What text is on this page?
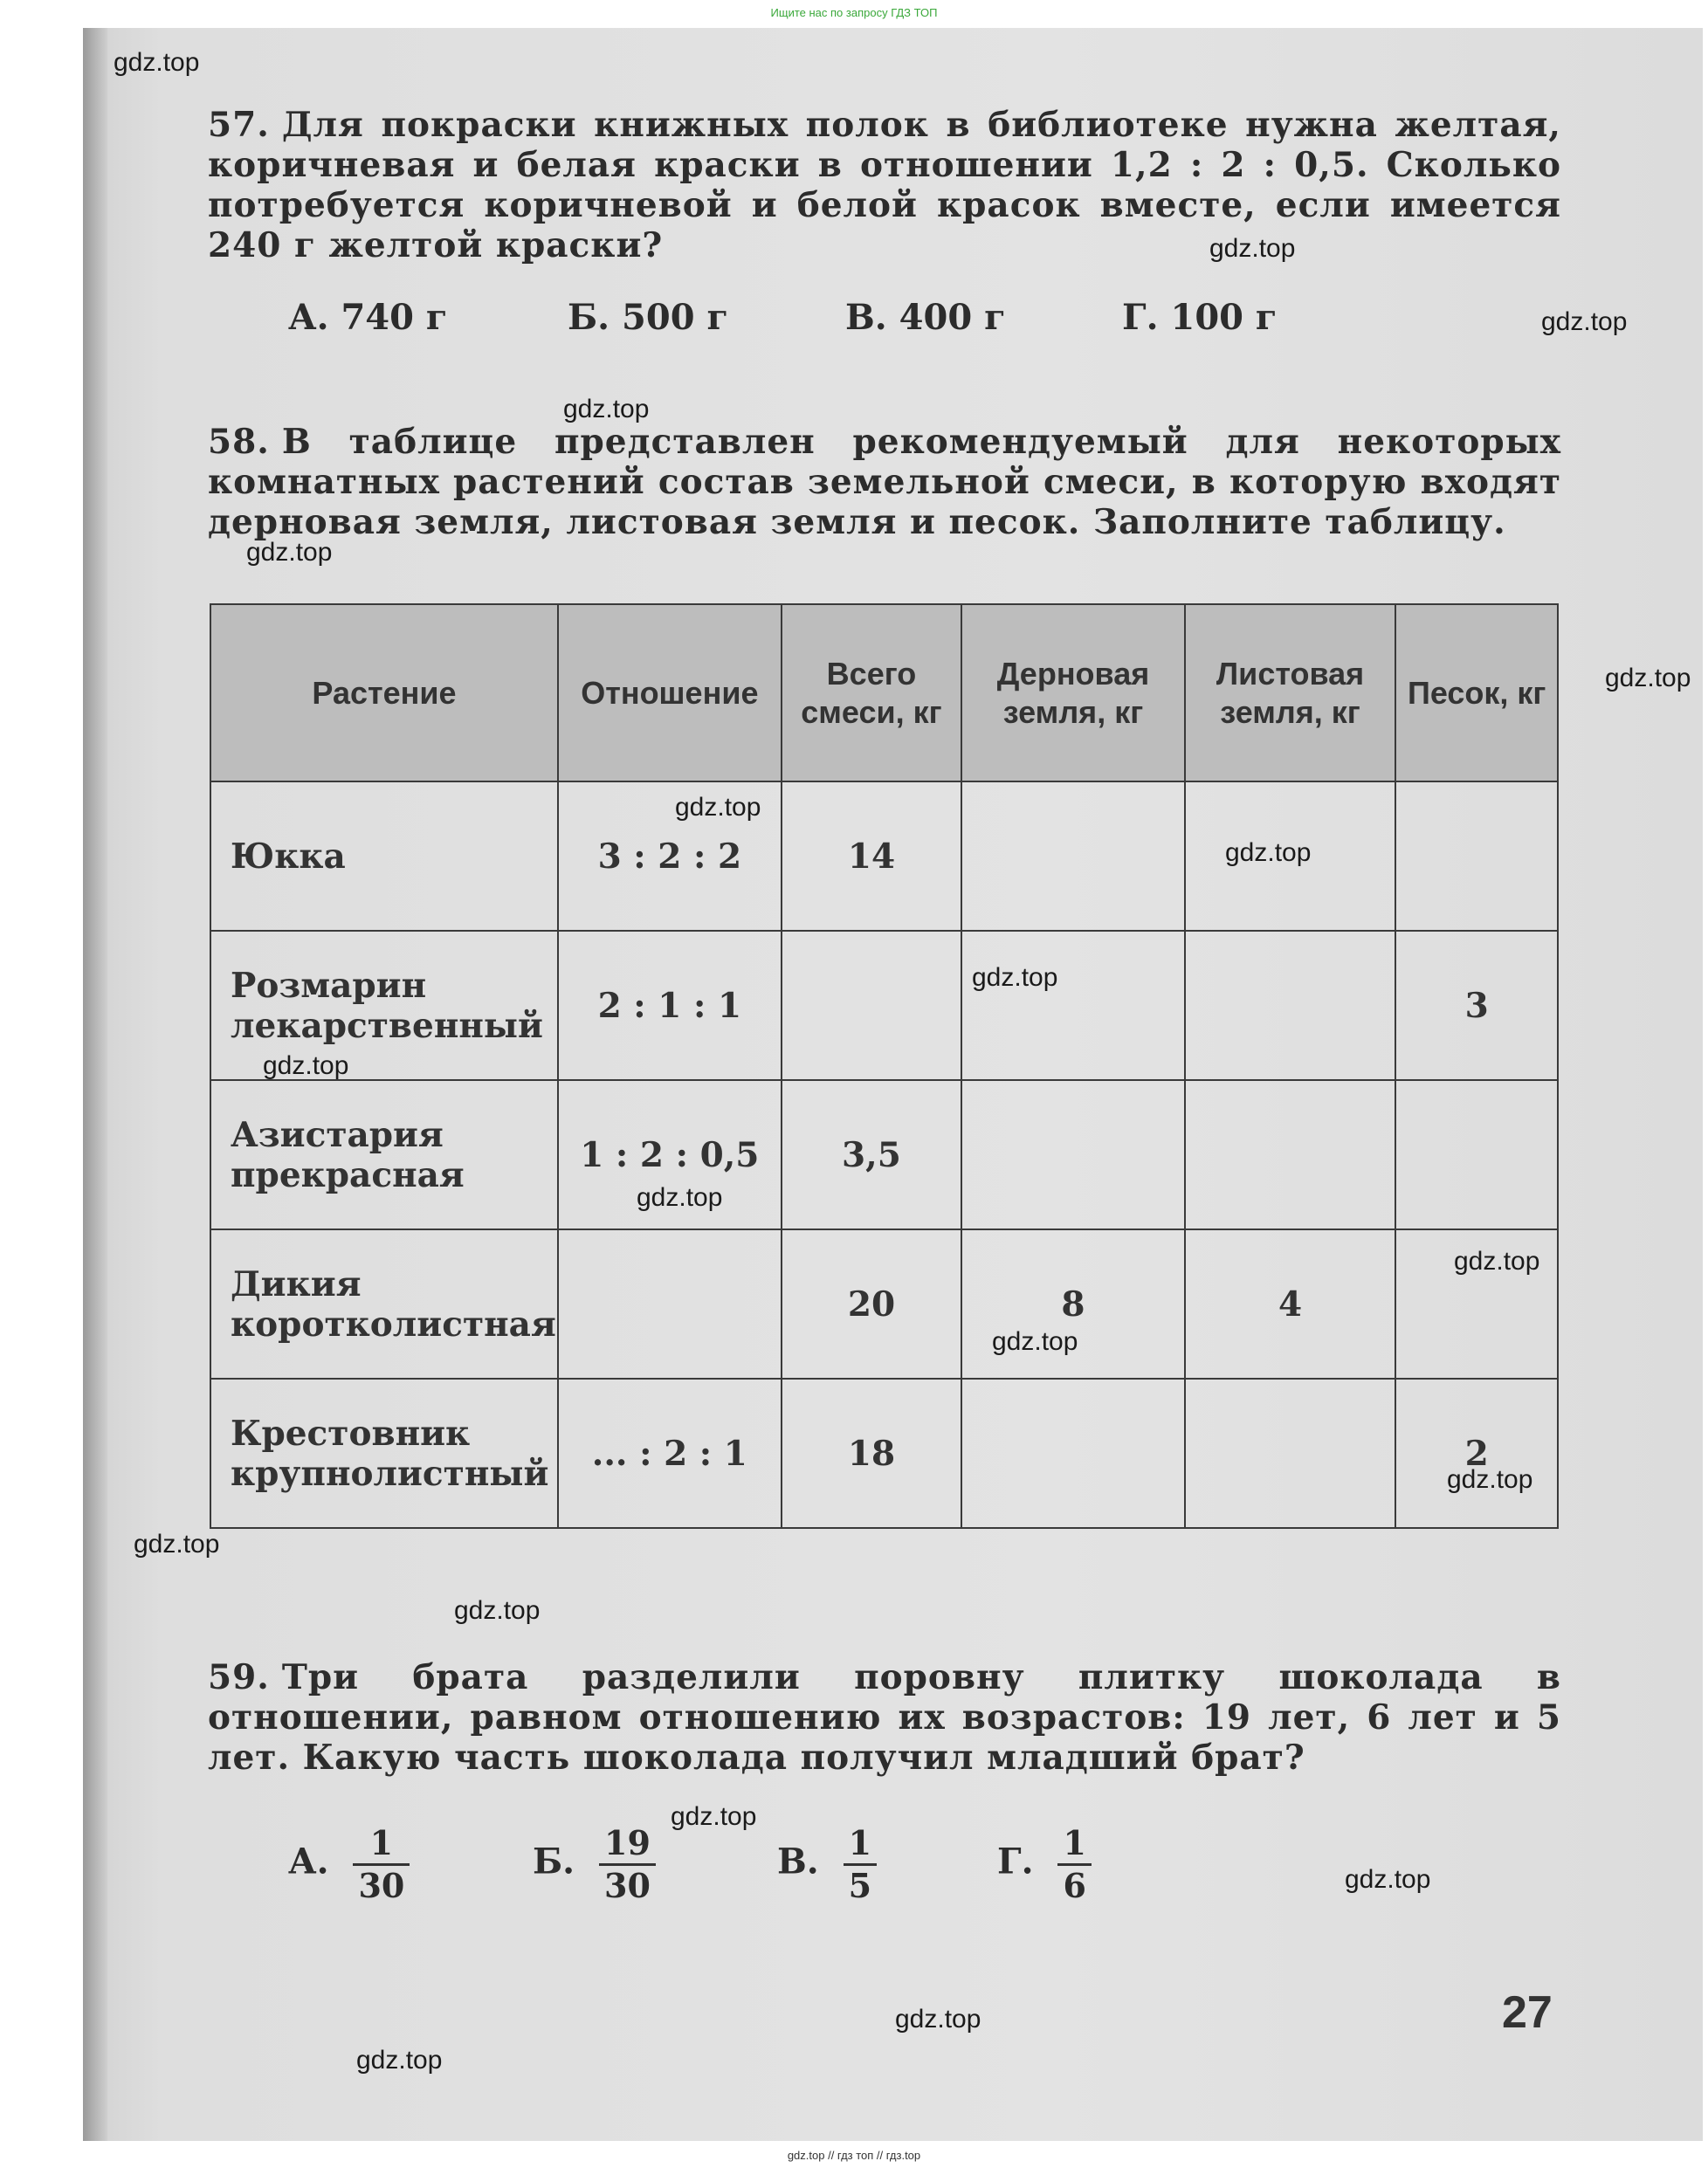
Ищите нас по запросу ГДЗ ТОП
57. Для покраски книжных полок в библиотеке нужна желтая, коричневая и белая краски в отношении 1,2 : 2 : 0,5. Сколько потребуется коричневой и белой красок вместе, если имеется 240 г желтой краски?
А. 740 г	Б. 500 г	В. 400 г	Г. 100 г
58. В таблице представлен рекомендуемый для некоторых комнатных растений состав земельной смеси, в которую входят дерновая земля, листовая земля и песок. Заполните таблицу.
Растение	Отношение	Всего смеси, кг	Дерновая земля, кг	Листовая земля, кг	Песок, кг
Юкка	3 : 2 : 2	14			
Розмарин лекарственный	2 : 1 : 1				3
Азистария прекрасная	1 : 2 : 0,5	3,5			
Дикия коротколистная		20	8	4	
Крестовник крупнолистный	... : 2 : 1	18			2
59. Три брата разделили поровну плитку шоколада в отношении, равном отношению их возрастов: 19 лет, 6 лет и 5 лет. Какую часть шоколада получил младший брат?
А. $\frac{1}{30}$	Б. $\frac{19}{30}$	В. $\frac{1}{5}$	Г. $\frac{1}{6}$
27
gdz.top
gdz.top
gdz.top
gdz.top
gdz.top
gdz.top
gdz.top
gdz.top
gdz.top
gdz.top
gdz.top
gdz.top
gdz.top
gdz.top
gdz.top
gdz.top
gdz.top
gdz.top
gdz.top
gdz.top
gdz.top // гдз топ // гдз.top
